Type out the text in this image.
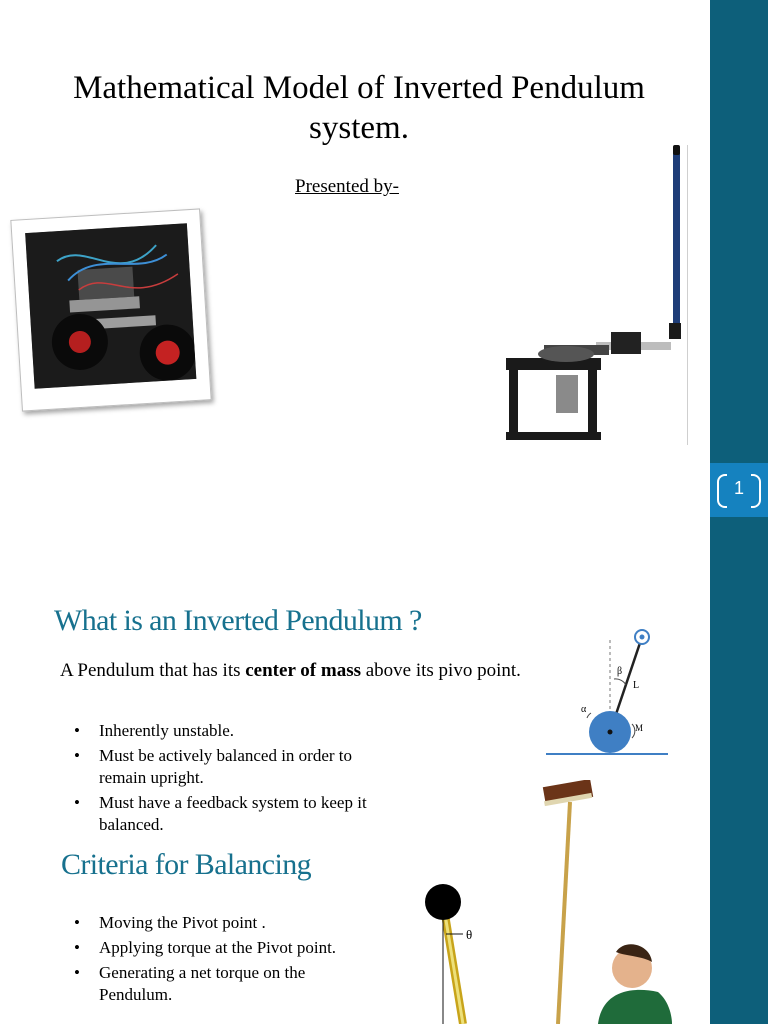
1
Mathematical Model of Inverted Pendulum system.
Presented by-
What is an Inverted Pendulum ?
A Pendulum that has its center of mass above its pivo point.
• Inherently unstable.
• Must be actively balanced in order to remain upright.
• Must have a feedback system to keep it balanced.
β
L
α
M
Criteria for Balancing
• Moving the Pivot point .
• Applying torque at the Pivot point.
• Generating a net torque on the Pendulum.
θ
